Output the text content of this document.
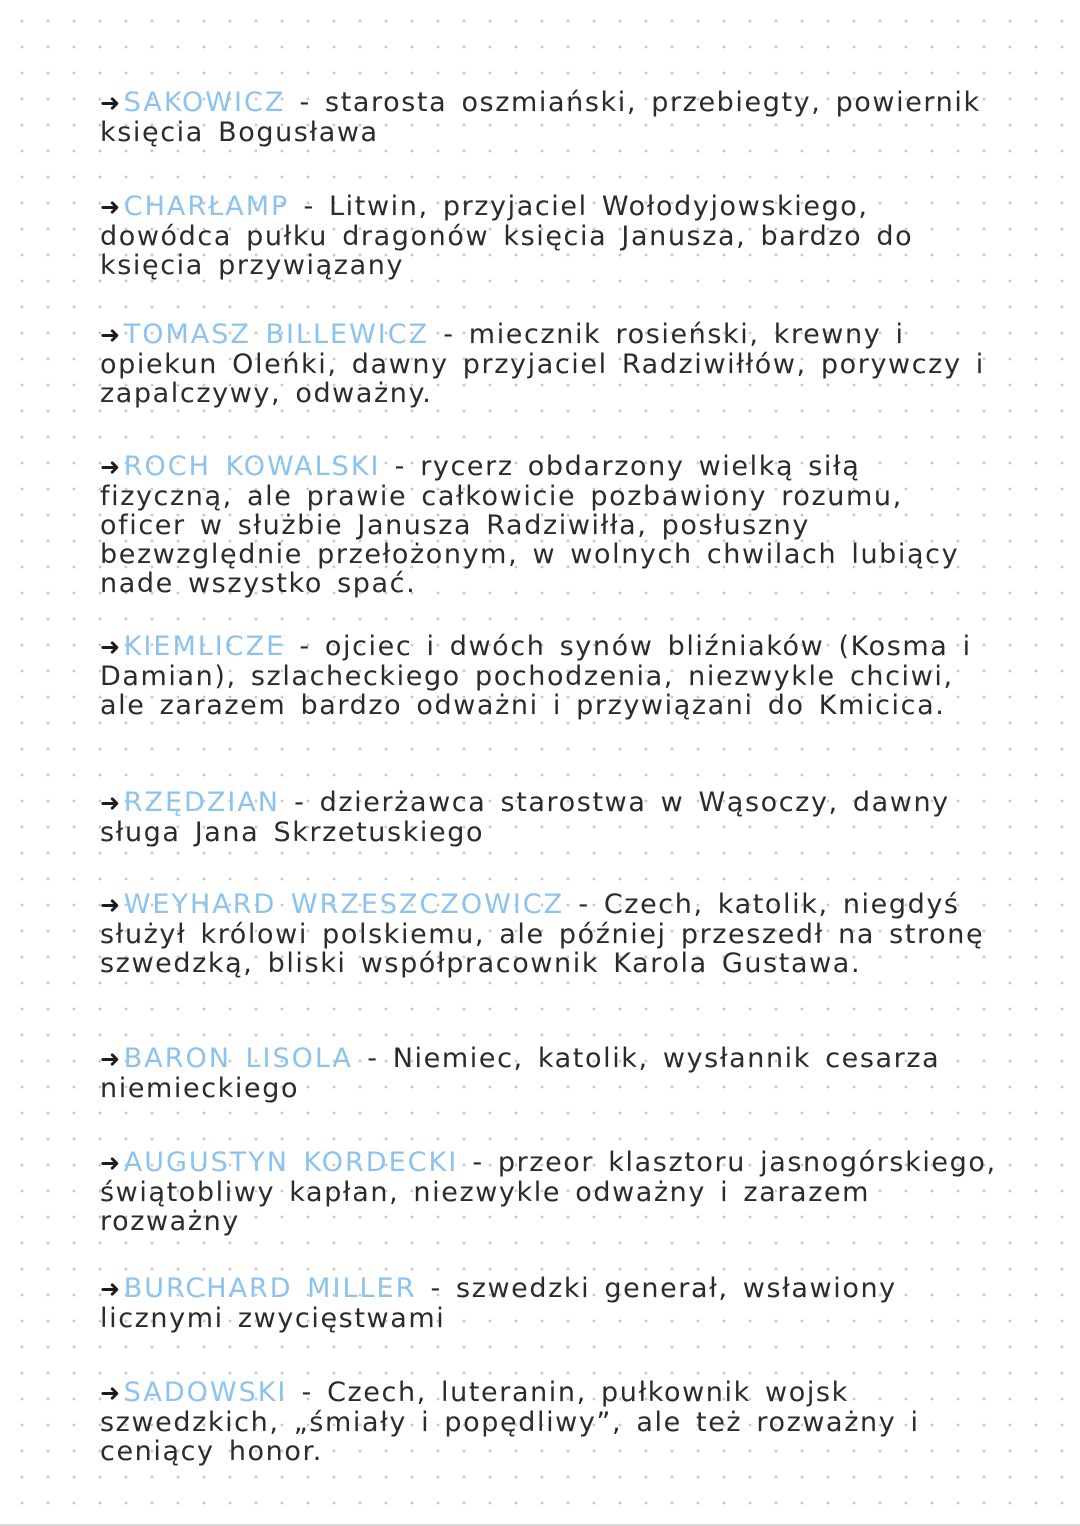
➜SAKOWICZ - starosta oszmiański, przebiegty, powiernik księcia Bogusława

➜CHARŁAMP - Litwin, przyjaciel Wołodyjowskiego, dowódca pułku dragonów księcia Janusza, bardzo do księcia przywiązany

➜TOMASZ BILLEWICZ - miecznik rosieński, krewny i opiekun Oleńki, dawny przyjaciel Radziwiłłów, porywczy i zapalczywy, odważny.

➜ROCH KOWALSKI - rycerz obdarzony wielką siłą fizyczną, ale prawie całkowicie pozbawiony rozumu, oficer w służbie Janusza Radziwiłła, posłuszny bezwzględnie przełożonym, w wolnych chwilach lubiący nade wszystko spać.

➜KIEMLICZE - ojciec i dwóch synów bliźniaków (Kosma i Damian), szlacheckiego pochodzenia, niezwykle chciwi, ale zarazem bardzo odważni i przywiązani do Kmicica.

➜RZĘDZIAN - dzierżawca starostwa w Wąsoczy, dawny sługa Jana Skrzetuskiego

➜WEYHARD WRZESZCZOWICZ - Czech, katolik, niegdyś służył królowi polskiemu, ale później przeszedł na stronę szwedzką, bliski współpracownik Karola Gustawa.

➜BARON LISOLA - Niemiec, katolik, wysłannik cesarza niemieckiego

➜AUGUSTYN KORDECKI - przeor klasztoru jasnogórskiego, świątobliwy kapłan, niezwykle odważny i zarazem rozważny

➜BURCHARD MILLER - szwedzki generał, wsławiony licznymi zwycięstwami

➜SADOWSKI - Czech, luteranin, pułkownik wojsk szwedzkich, „śmiały i popędliwy”, ale też rozważny i ceniący honor.
